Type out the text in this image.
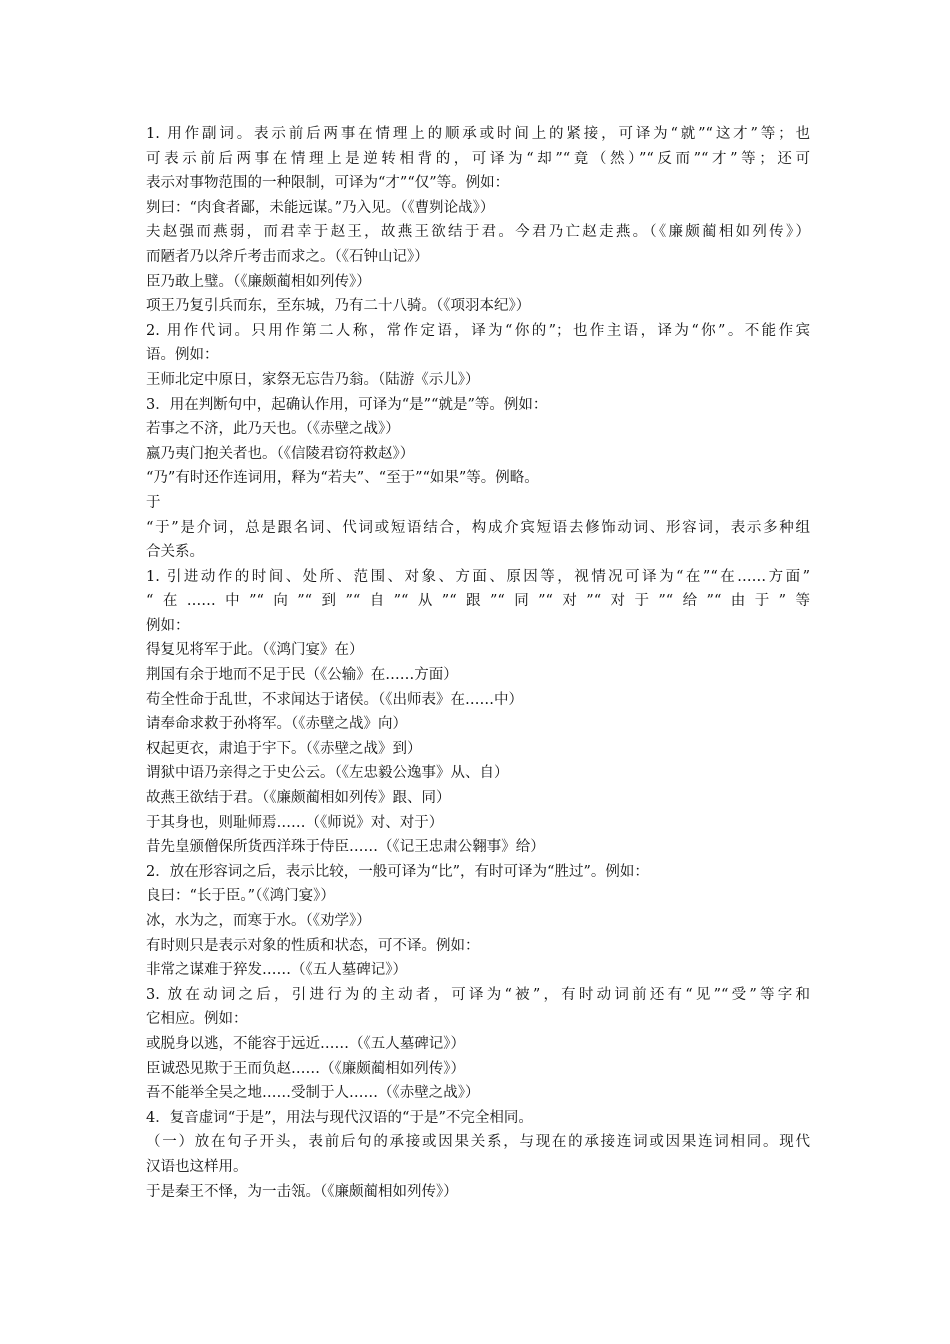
1. 用作副词。表示前后两事在情理上的顺承或时间上的紧接，可译为“就”“这才”等；也
可表示前后两事在情理上是逆转相背的，可译为“却”“竟（然）”“反而”“才”等；还可
表示对事物范围的一种限制，可译为“才”“仅”等。例如：
刿曰：“肉食者鄙，未能远谋。”乃入见。（《曹刿论战》）
夫赵强而燕弱，而君幸于赵王，故燕王欲结于君。今君乃亡赵走燕。（《廉颇蔺相如列传》）
而陋者乃以斧斤考击而求之。（《石钟山记》）
臣乃敢上璧。（《廉颇蔺相如列传》）
项王乃复引兵而东，至东城，乃有二十八骑。（《项羽本纪》）
2. 用作代词。只用作第二人称，常作定语，译为“你的”；也作主语，译为“你”。不能作宾
语。例如：
王师北定中原日，家祭无忘告乃翁。（陆游《示儿》）
3．用在判断句中，起确认作用，可译为“是”“就是”等。例如：
若事之不济，此乃天也。（《赤壁之战》）
嬴乃夷门抱关者也。（《信陵君窃符救赵》）
“乃”有时还作连词用，释为“若夫”、“至于”“如果”等。例略。
于
“于”是介词，总是跟名词、代词或短语结合，构成介宾短语去修饰动词、形容词，表示多种组
合关系。
1. 引进动作的时间、处所、范围、对象、方面、原因等，视情况可译为“在”“在……方面”
“在……中”“向”“到”“自”“从”“跟”“同”“对”“对于”“给”“由于”等
例如：
得复见将军于此。（《鸿门宴》在）
荆国有余于地而不足于民（《公输》在……方面）
苟全性命于乱世，不求闻达于诸侯。（《出师表》在……中）
请奉命求救于孙将军。（《赤壁之战》向）
权起更衣，肃追于宇下。（《赤壁之战》到）
谓狱中语乃亲得之于史公云。（《左忠毅公逸事》从、自）
故燕王欲结于君。（《廉颇蔺相如列传》跟、同）
于其身也，则耻师焉……（《师说》对、对于）
昔先皇颁僧保所货西洋珠于侍臣……（《记王忠肃公翱事》给）
2．放在形容词之后，表示比较，一般可译为“比”，有时可译为“胜过”。例如：
良曰：“长于臣。”（《鸿门宴》）
冰，水为之，而寒于水。（《劝学》）
有时则只是表示对象的性质和状态，可不译。例如：
非常之谋难于猝发……（《五人墓碑记》）
3. 放在动词之后，引进行为的主动者，可译为“被”，有时动词前还有“见”“受”等字和
它相应。例如：
或脱身以逃，不能容于远近……（《五人墓碑记》）
臣诚恐见欺于王而负赵……（《廉颇蔺相如列传》）
吾不能举全吴之地……受制于人……（《赤壁之战》）
4．复音虚词“于是”，用法与现代汉语的“于是”不完全相同。
（一）放在句子开头，表前后句的承接或因果关系，与现在的承接连词或因果连词相同。现代
汉语也这样用。
于是秦王不怿，为一击瓴。（《廉颇蔺相如列传》）
